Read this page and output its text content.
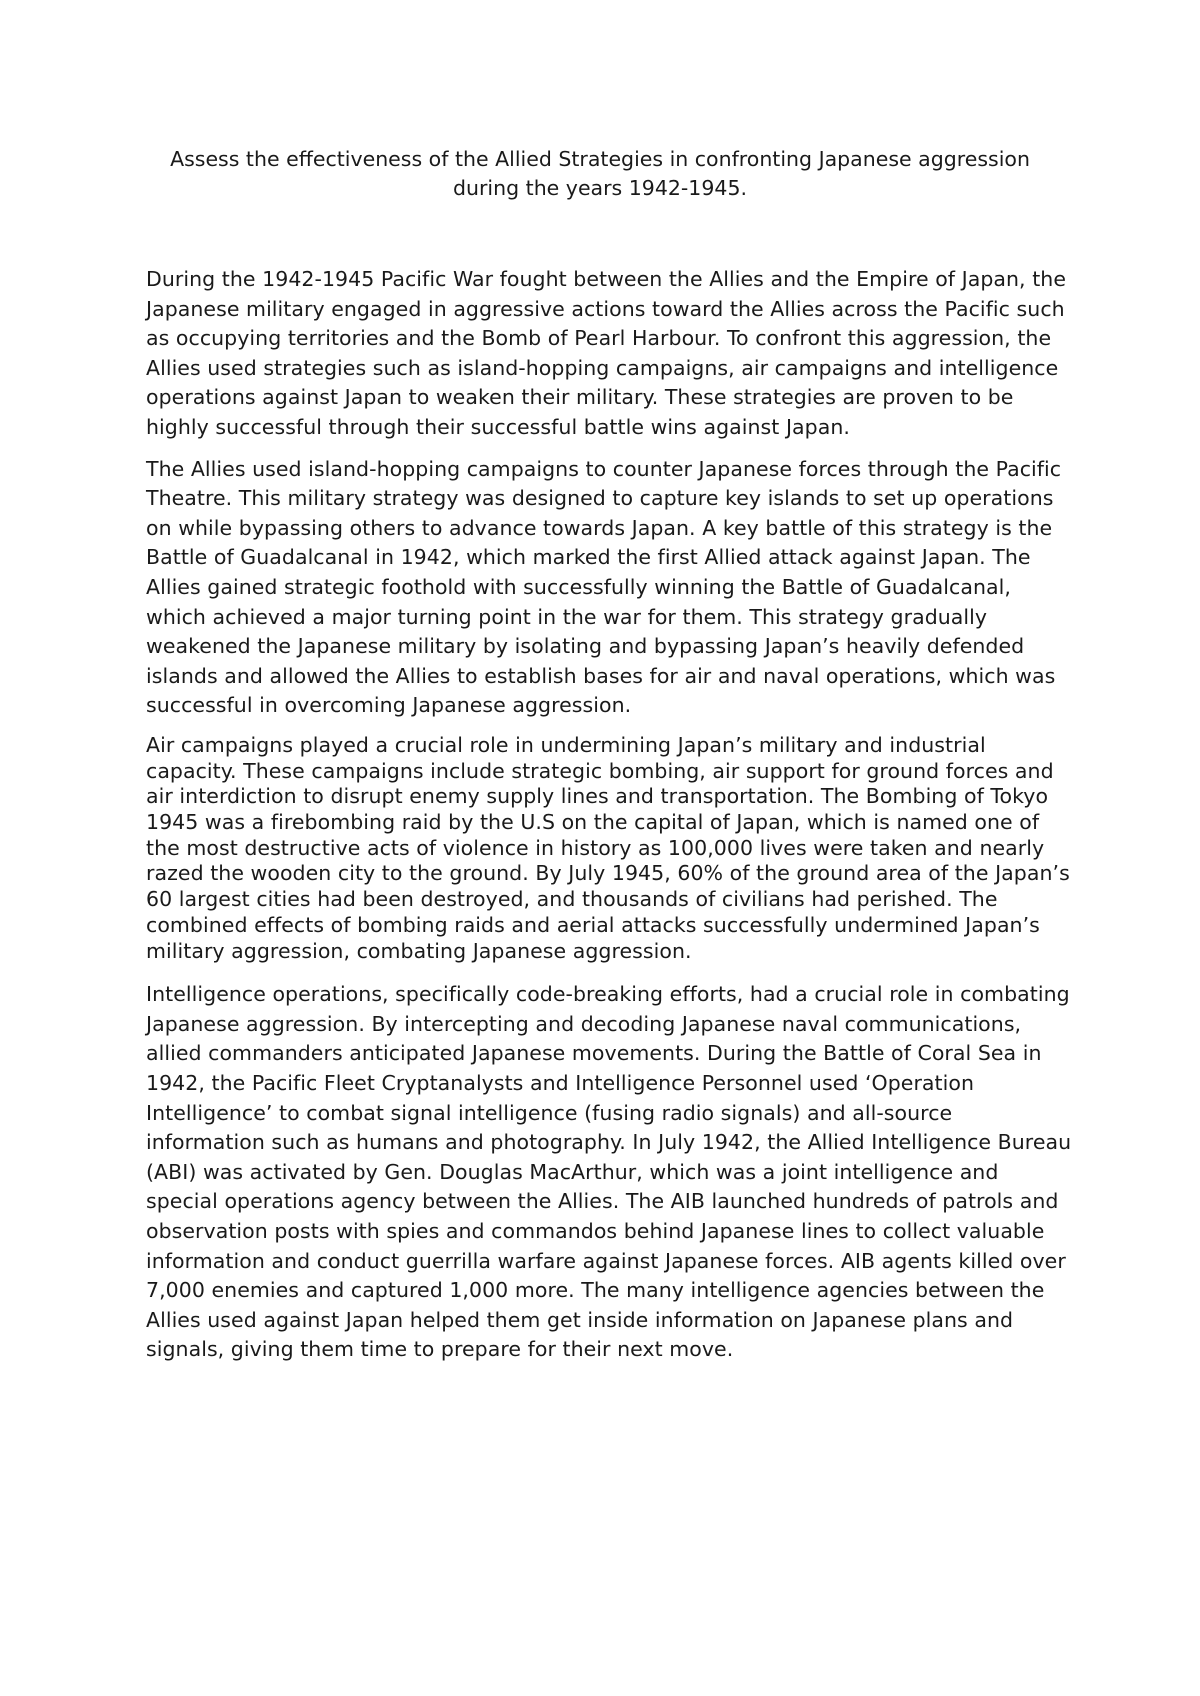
Assess the effectiveness of the Allied Strategies in confronting Japanese aggression during the years 1942-1945.

During the 1942-1945 Pacific War fought between the Allies and the Empire of Japan, the Japanese military engaged in aggressive actions toward the Allies across the Pacific such as occupying territories and the Bomb of Pearl Harbour. To confront this aggression, the Allies used strategies such as island-hopping campaigns, air campaigns and intelligence operations against Japan to weaken their military. These strategies are proven to be highly successful through their successful battle wins against Japan.

The Allies used island-hopping campaigns to counter Japanese forces through the Pacific Theatre. This military strategy was designed to capture key islands to set up operations on while bypassing others to advance towards Japan. A key battle of this strategy is the Battle of Guadalcanal in 1942, which marked the first Allied attack against Japan. The Allies gained strategic foothold with successfully winning the Battle of Guadalcanal, which achieved a major turning point in the war for them. This strategy gradually weakened the Japanese military by isolating and bypassing Japan’s heavily defended islands and allowed the Allies to establish bases for air and naval operations, which was successful in overcoming Japanese aggression.

Air campaigns played a crucial role in undermining Japan’s military and industrial capacity. These campaigns include strategic bombing, air support for ground forces and air interdiction to disrupt enemy supply lines and transportation. The Bombing of Tokyo 1945 was a firebombing raid by the U.S on the capital of Japan, which is named one of the most destructive acts of violence in history as 100,000 lives were taken and nearly razed the wooden city to the ground. By July 1945, 60% of the ground area of the Japan’s 60 largest cities had been destroyed, and thousands of civilians had perished. The combined effects of bombing raids and aerial attacks successfully undermined Japan’s military aggression, combating Japanese aggression.

Intelligence operations, specifically code-breaking efforts, had a crucial role in combating Japanese aggression. By intercepting and decoding Japanese naval communications, allied commanders anticipated Japanese movements. During the Battle of Coral Sea in 1942, the Pacific Fleet Cryptanalysts and Intelligence Personnel used ‘Operation Intelligence’ to combat signal intelligence (fusing radio signals) and all-source information such as humans and photography. In July 1942, the Allied Intelligence Bureau (ABI) was activated by Gen. Douglas MacArthur, which was a joint intelligence and special operations agency between the Allies. The AIB launched hundreds of patrols and observation posts with spies and commandos behind Japanese lines to collect valuable information and conduct guerrilla warfare against Japanese forces. AIB agents killed over 7,000 enemies and captured 1,000 more. The many intelligence agencies between the Allies used against Japan helped them get inside information on Japanese plans and signals, giving them time to prepare for their next move.
